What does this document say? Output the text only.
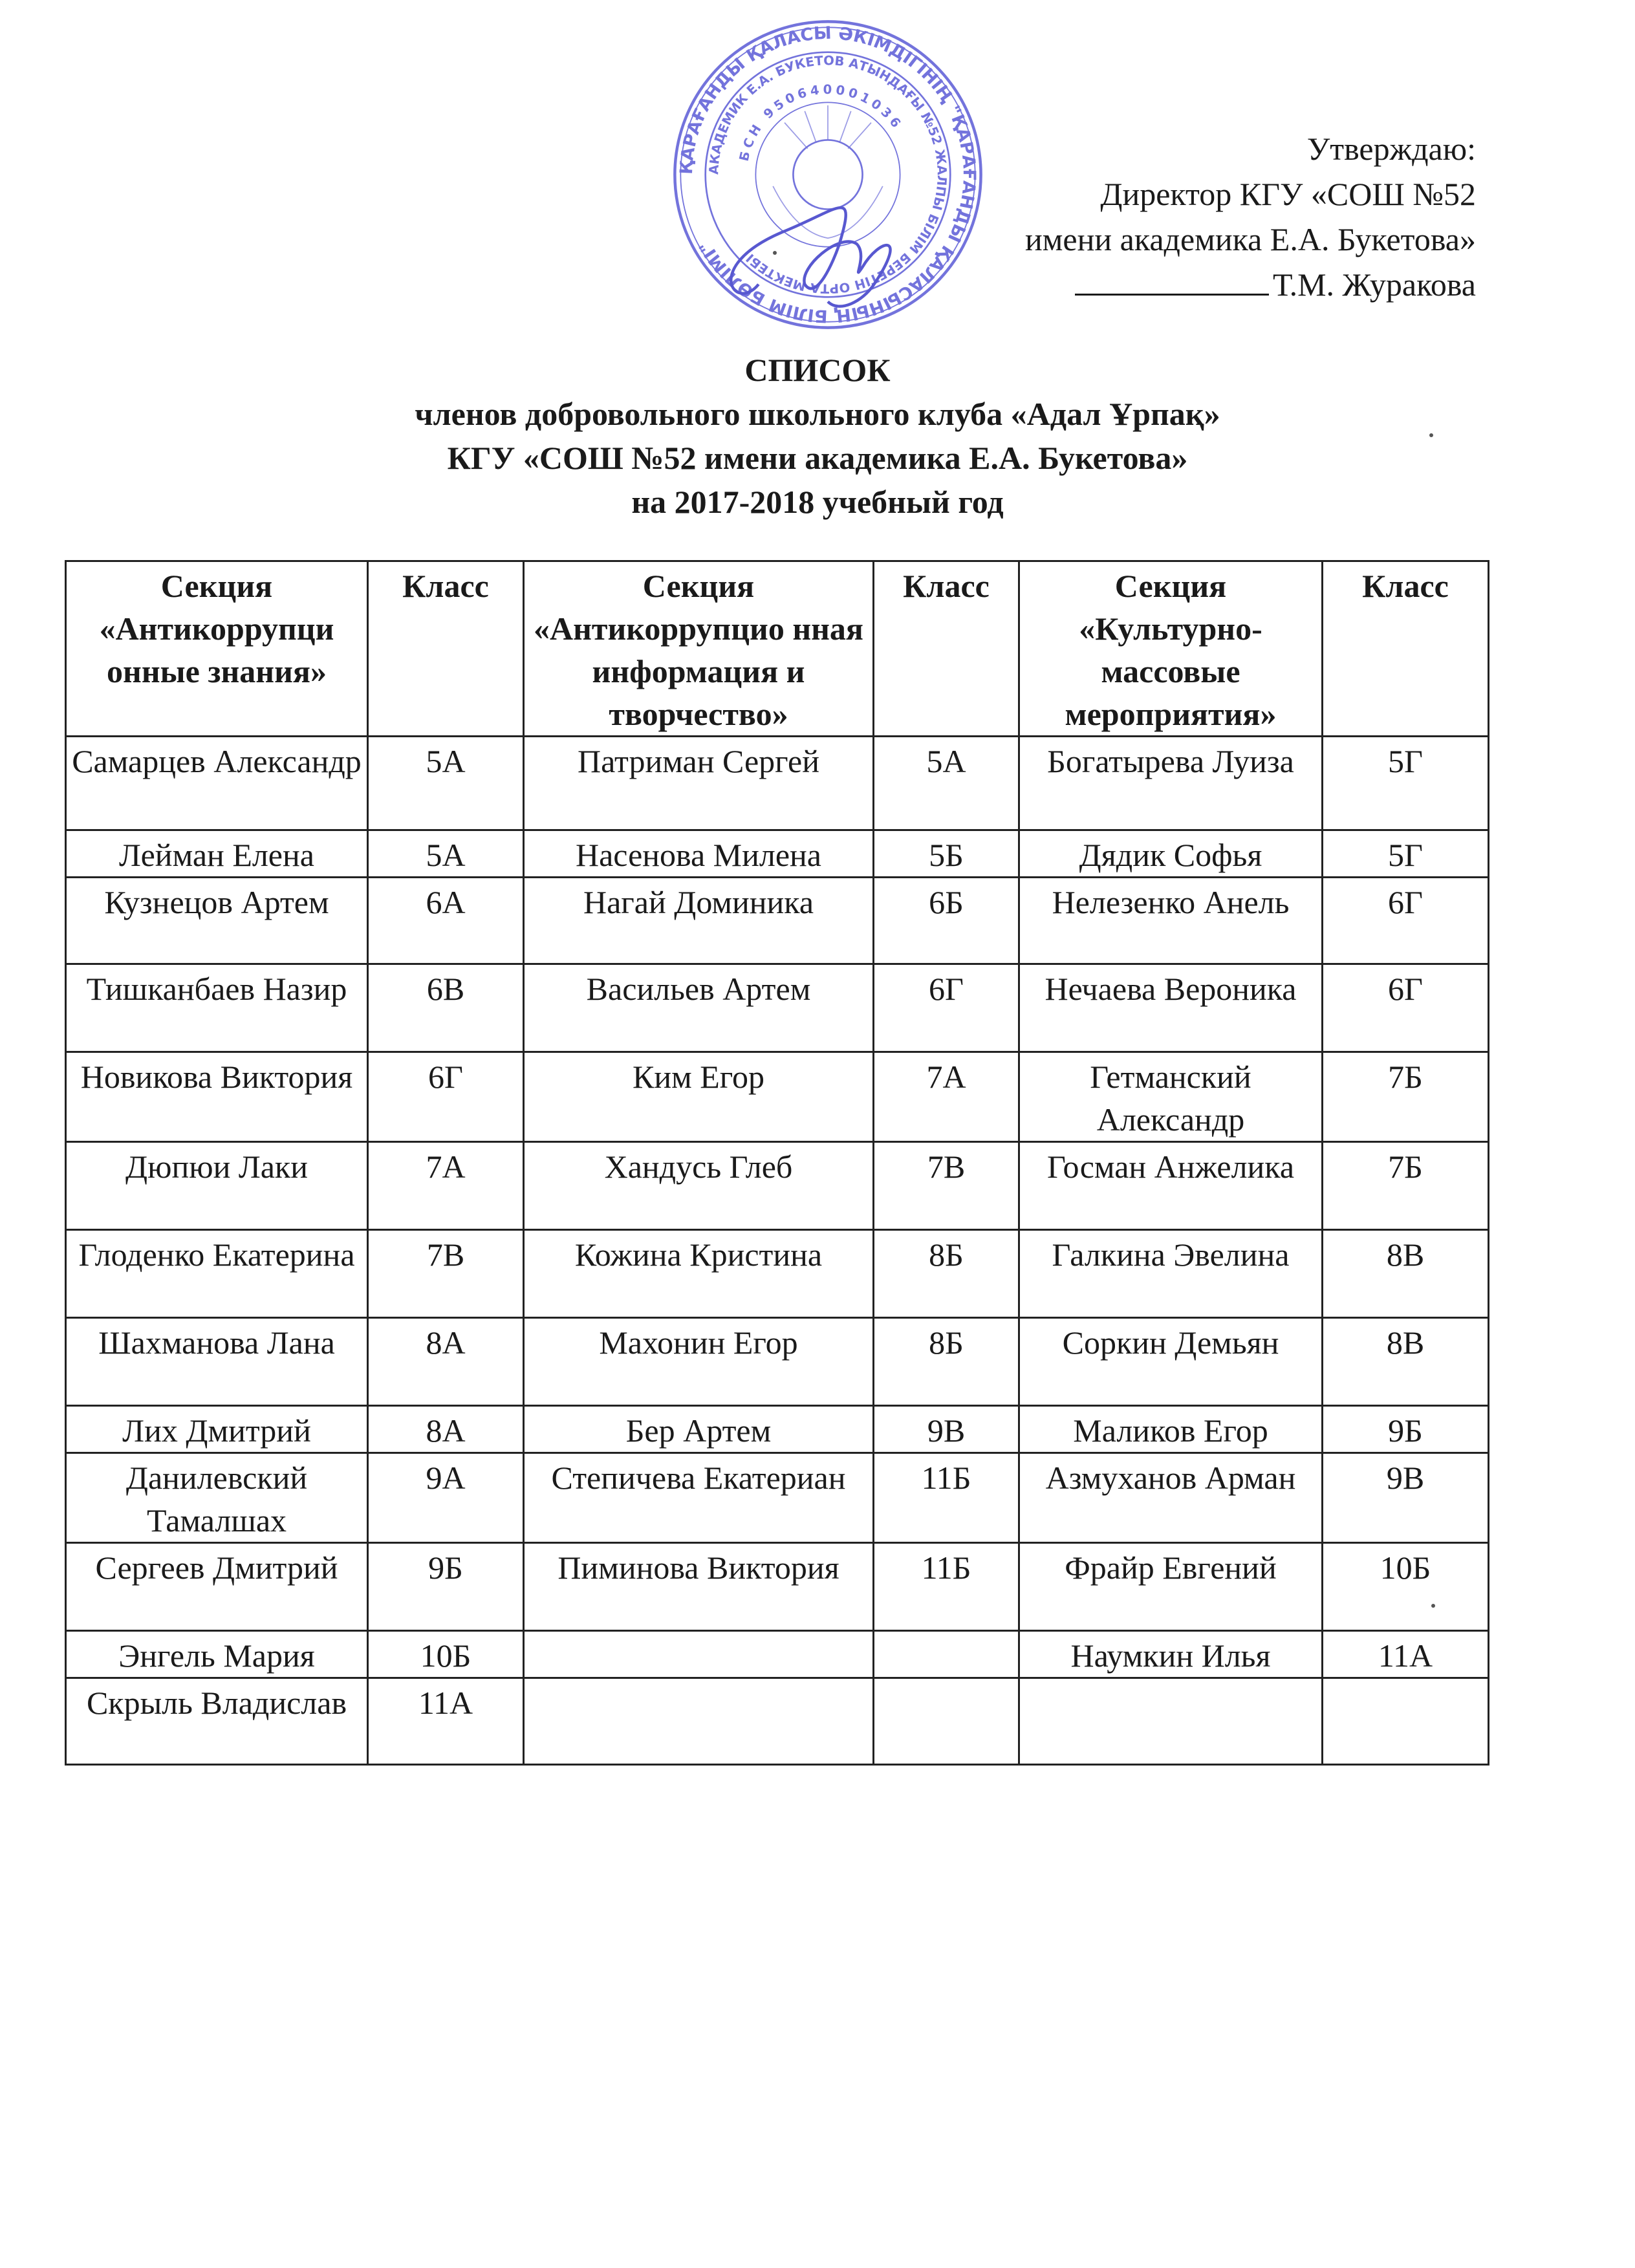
Утверждаю:
Директор КГУ «СОШ №52
имени академика Е.А. Букетова»
Т.М. Журакова
ҚАРАҒАНДЫ ҚАЛАСЫ ӘКІМДІГІНІҢ "ҚАРАҒАНДЫ ҚАЛАСЫНЫҢ БІЛІМ БӨЛІМІ"
АКАДЕМИК Е.А. БУКЕТОВ АТЫНДАҒЫ №52 ЖАЛПЫ БІЛІМ БЕРЕТІН ОРТА МЕКТЕБІ
БСН 950640001036
СПИСОК
членов добровольного школьного клуба «Адал Ұрпақ»
КГУ «СОШ №52 имени академика Е.А. Букетова»
на 2017-2018 учебный год
Секция «Антикоррупци онные знания»	Класс	Секция «Антикоррупцио нная информация и творчество»	Класс	Секция «Культурно-массовые мероприятия»	Класс
Самарцев Александр	5А	Патриман Сергей	5А	Богатырева Луиза	5Г
Лейман Елена	5А	Насенова Милена	5Б	Дядик Софья	5Г
Кузнецов Артем	6А	Нагай Доминика	6Б	Нелезенко Анель	6Г
Тишканбаев Назир	6В	Васильев Артем	6Г	Нечаева Вероника	6Г
Новикова Виктория	6Г	Ким Егор	7А	Гетманский Александр	7Б
Дюпюи Лаки	7А	Хандусь Глеб	7В	Госман Анжелика	7Б
Глоденко Екатерина	7В	Кожина Кристина	8Б	Галкина Эвелина	8В
Шахманова Лана	8А	Махонин Егор	8Б	Соркин Демьян	8В
Лих Дмитрий	8А	Бер Артем	9В	Маликов Егор	9Б
Данилевский Тамалшах	9А	Степичева Екатериан	11Б	Азмуханов Арман	9В
Сергеев Дмитрий	9Б	Пиминова Виктория	11Б	Фрайр Евгений	10Б
Энгель Мария	10Б			Наумкин Илья	11А
Скрыль Владислав	11А				
